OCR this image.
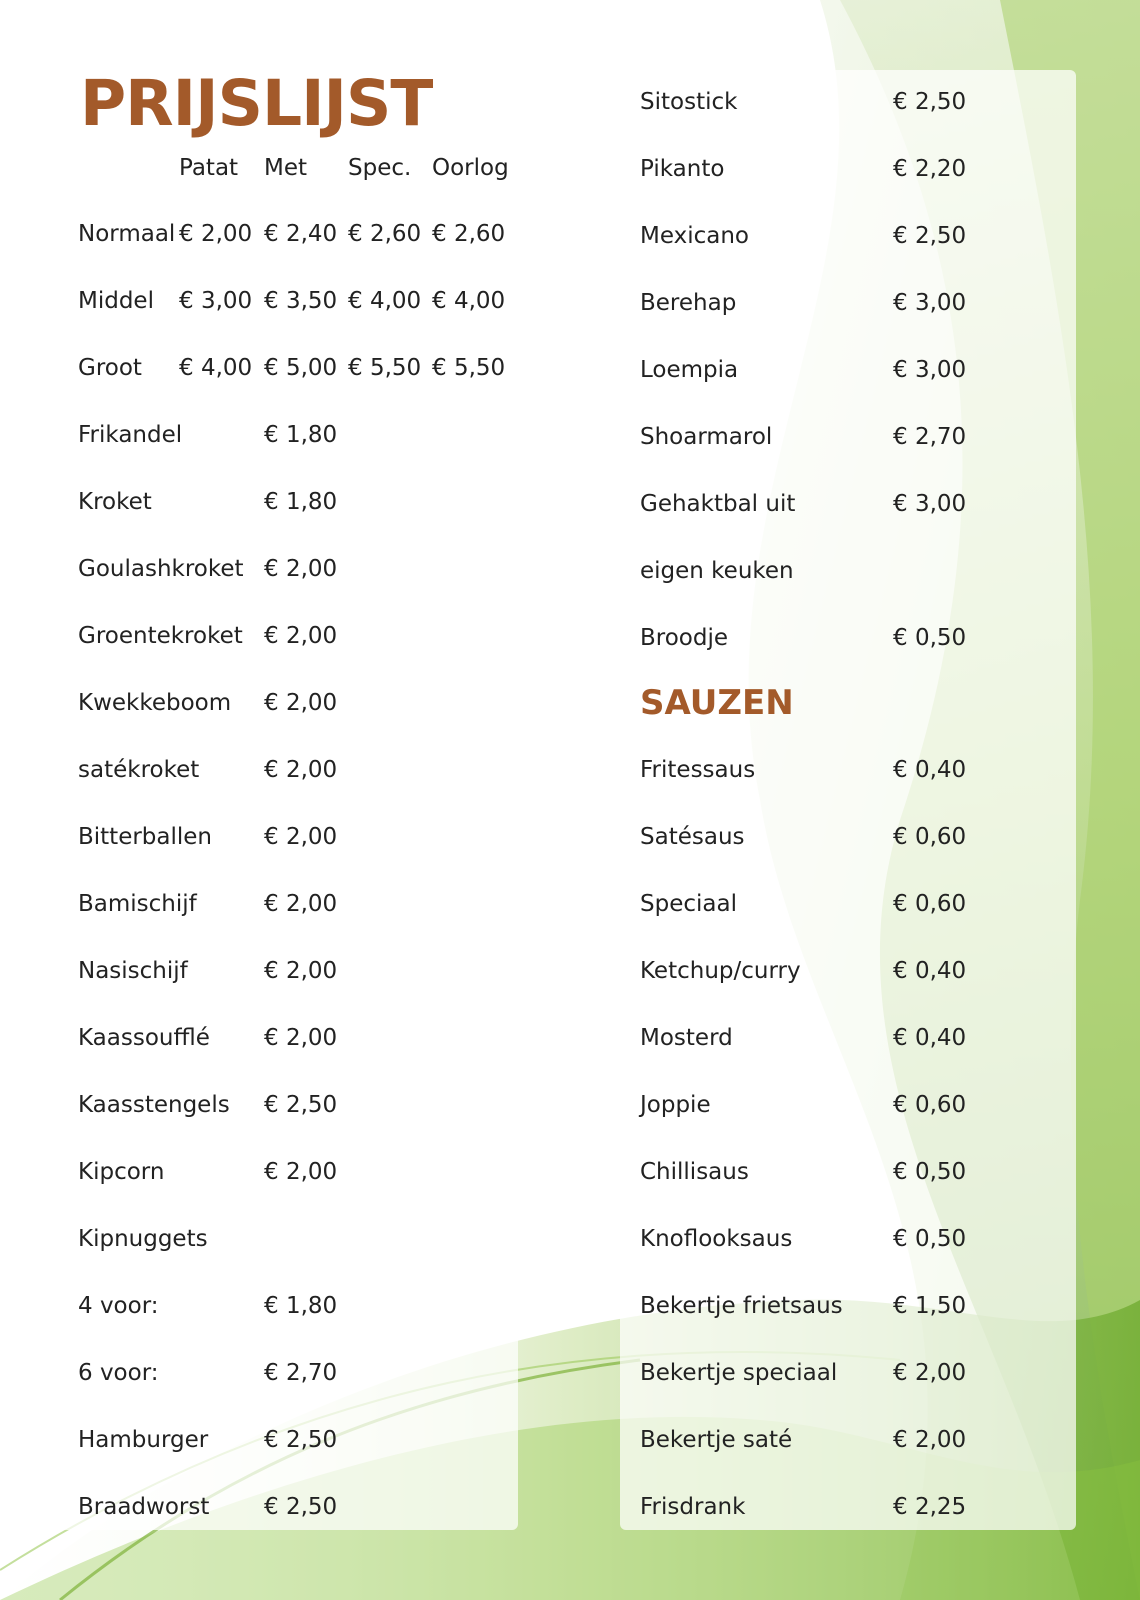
PRIJSLIJST
Patat Met Spec. Oorlog
Normaal € 2,00 € 2,40 € 2,60 € 2,60
Middel € 3,00 € 3,50 € 4,00 € 4,00
Groot € 4,00 € 5,00 € 5,50 € 5,50
Frikandel	€ 1,80
Kroket	€ 1,80
Goulashkroket € 2,00
Groentekroket € 2,00
Kwekkeboom € 2,00
satékroket	€ 2,00
Bitterballen € 2,00
Bamischijf	€ 2,00
Nasischijf	€ 2,00
Kaassoufflé € 2,00
Kaasstengels € 2,50
Kipcorn	€ 2,00
Kipnuggets
4 voor:	€ 1,80
6 voor:	€ 2,70
Hamburger € 2,50
Braadworst € 2,50
Sitostick	€ 2,50
Pikanto	€ 2,20
Mexicano	€ 2,50
Berehap	€ 3,00
Loempia	€ 3,00
Shoarmarol	€ 2,70
Gehaktbal uit	€ 3,00
eigen keuken
Broodje	€ 0,50
SAUZEN
Fritessaus	€ 0,40
Satésaus	€ 0,60
Speciaal	€ 0,60
Ketchup/curry	€ 0,40
Mosterd	€ 0,40
Joppie	€ 0,60
Chillisaus	€ 0,50
Knoflooksaus	€ 0,50
Bekertje frietsaus € 1,50
Bekertje speciaal € 2,00
Bekertje saté	€ 2,00
Frisdrank	€ 2,25
